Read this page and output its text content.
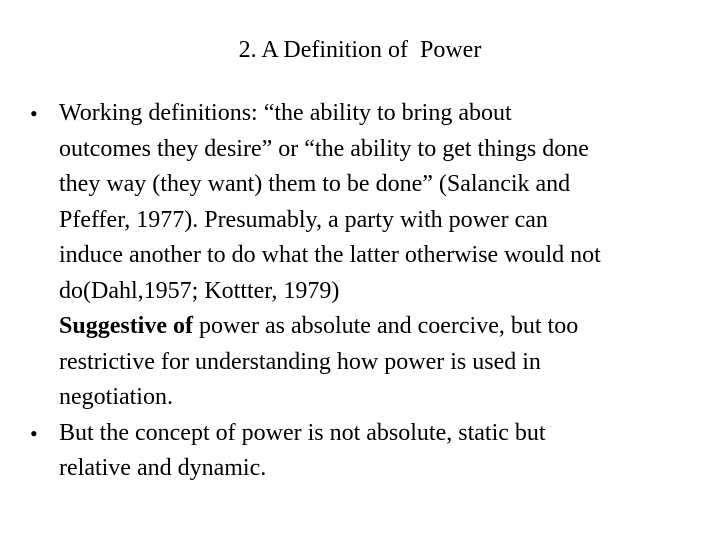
2. A Definition of  Power
• Working definitions: “the ability to bring about
outcomes they desire” or “the ability to get things done
they way (they want) them to be done” (Salancik and
Pfeffer, 1977). Presumably, a party with power can
induce another to do what the latter otherwise would not
do(Dahl,1957; Kottter, 1979)
Suggestive of power as absolute and coercive, but too
restrictive for understanding how power is used in
negotiation.
• But the concept of power is not absolute, static but
relative and dynamic.
